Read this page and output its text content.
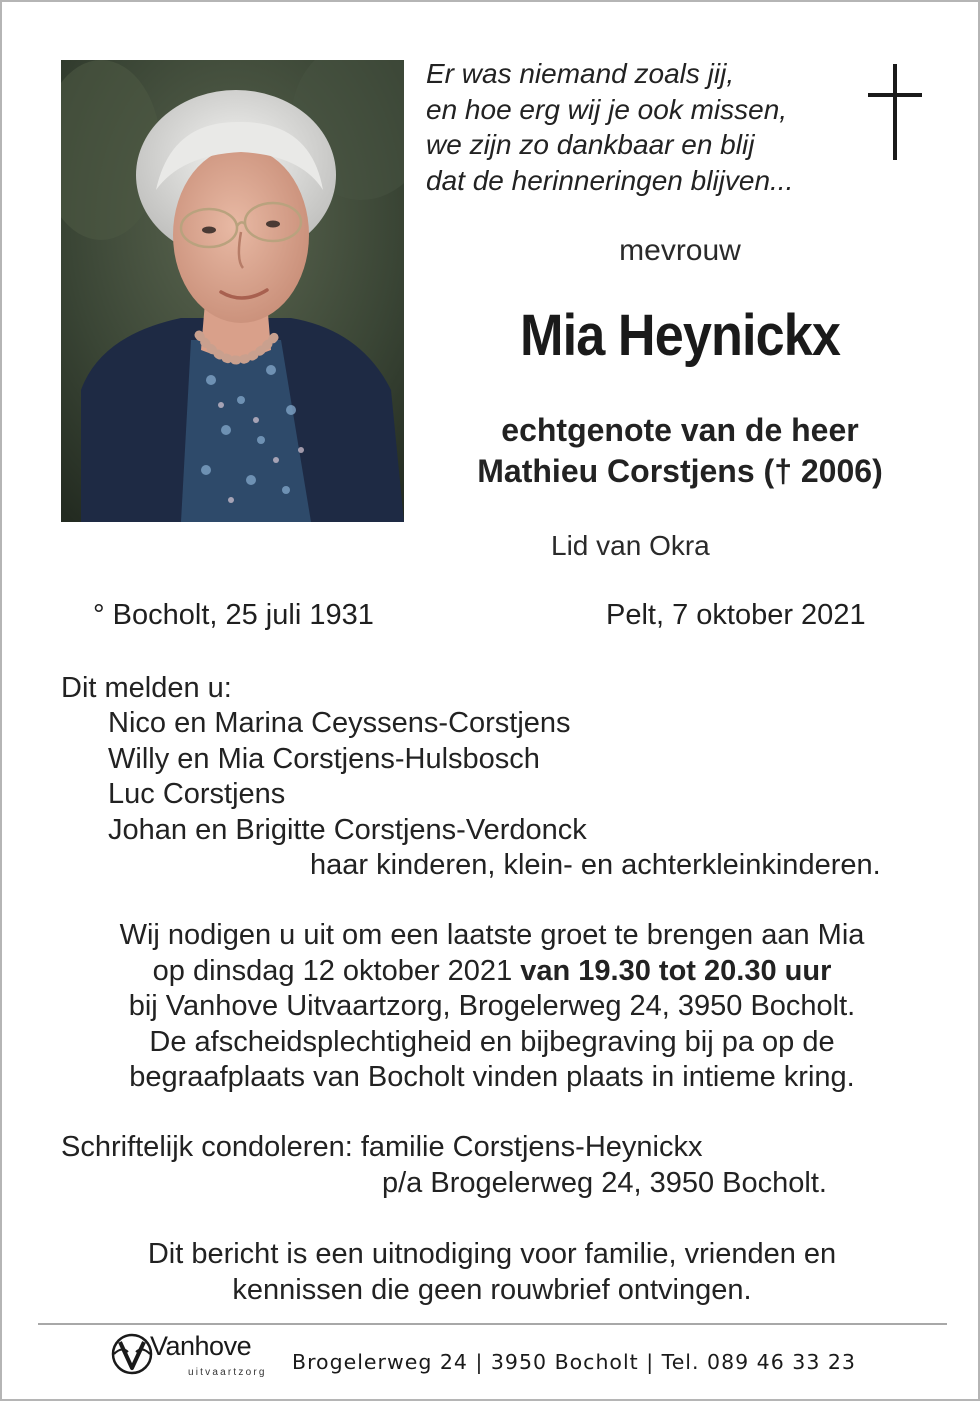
Er was niemand zoals jij,
en hoe erg wij je ook missen,
we zijn zo dankbaar en blij
dat de herinneringen blijven...
mevrouw
Mia Heynickx
echtgenote van de heer
Mathieu Corstjens († 2006)
Lid van Okra
° Bocholt, 25 juli 1931	Pelt, 7 oktober 2021
Dit melden u:
Nico en Marina Ceyssens-Corstjens
Willy en Mia Corstjens-Hulsbosch
Luc Corstjens
Johan en Brigitte Corstjens-Verdonck
haar kinderen, klein- en achterkleinkinderen.
Wij nodigen u uit om een laatste groet te brengen aan Mia
op dinsdag 12 oktober 2021 van 19.30 tot 20.30 uur
bij Vanhove Uitvaartzorg, Brogelerweg 24, 3950 Bocholt.
De afscheidsplechtigheid en bijbegraving bij pa op de
begraafplaats van Bocholt vinden plaats in intieme kring.
Schriftelijk condoleren: familie Corstjens-Heynickx
p/a Brogelerweg 24, 3950 Bocholt.
Dit bericht is een uitnodiging voor familie, vrienden en
kennissen die geen rouwbrief ontvingen.
Vanhove
uitvaartzorg Brogelerweg 24 | 3950 Bocholt | Tel. 089 46 33 23
